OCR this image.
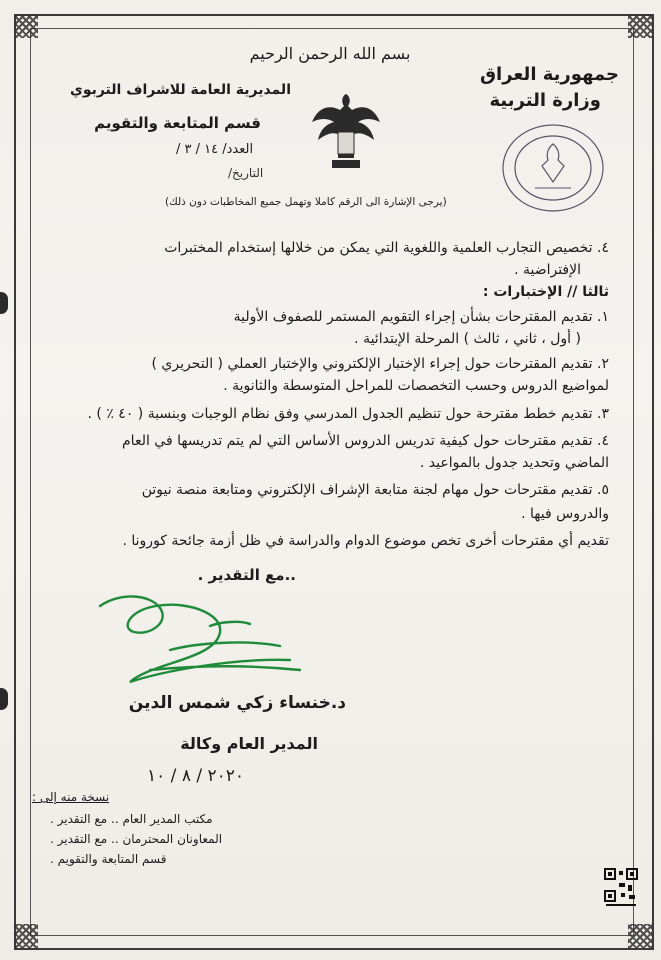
بسم الله الرحمن الرحيم
جمهورية العراق
وزارة التربية
المديرية العامة للاشراف التربوي
قسم المتابعة والتقويم
العدد/ ١٤ / ٣ /
التاريخ/
(يرجى الإشارة الى الرقم كاملا وتهمل جميع المخاطبات دون ذلك)
٤. تخصيص التجارب العلمية واللغوية التي يمكن من خلالها إستخدام المختبرات
الإفتراضية .
ثالثا // الإختبارات :
١. تقديم المقترحات بشأن إجراء التقويم المستمر للصفوف الأولية
( أول ، ثاني ، ثالث ) المرحلة الإبتدائية .
٢. تقديم المقترحات حول إجراء الإختبار الإلكتروني والإختبار العملي ( التحريري )
لمواضيع الدروس وحسب التخصصات للمراحل المتوسطة والثانوية .
٣. تقديم خطط مقترحة حول تنظيم الجدول المدرسي وفق نظام الوجبات وبنسبة ( ٤٠ ٪ ) .
٤. تقديم مقترحات حول كيفية تدريس الدروس الأساس التي لم يتم تدريسها في العام
الماضي وتحديد جدول بالمواعيد .
٥. تقديم مقترحات حول مهام لجنة متابعة الإشراف الإلكتروني ومتابعة منصة نيوتن
والدروس فيها .
تقديم أي مقترحات أخرى تخص موضوع الدوام والدراسة في ظل أزمة جائحة كورونا .
..مع التقدير .
د.خنساء زكي شمس الدين
المدير العام وكالة
٢٠٢٠ / ٨ / ١٠
نسخة منه إلى :
مكتب المدير العام .. مع التقدير .
المعاونان المحترمان .. مع التقدير .
قسم المتابعة والتقويم .
